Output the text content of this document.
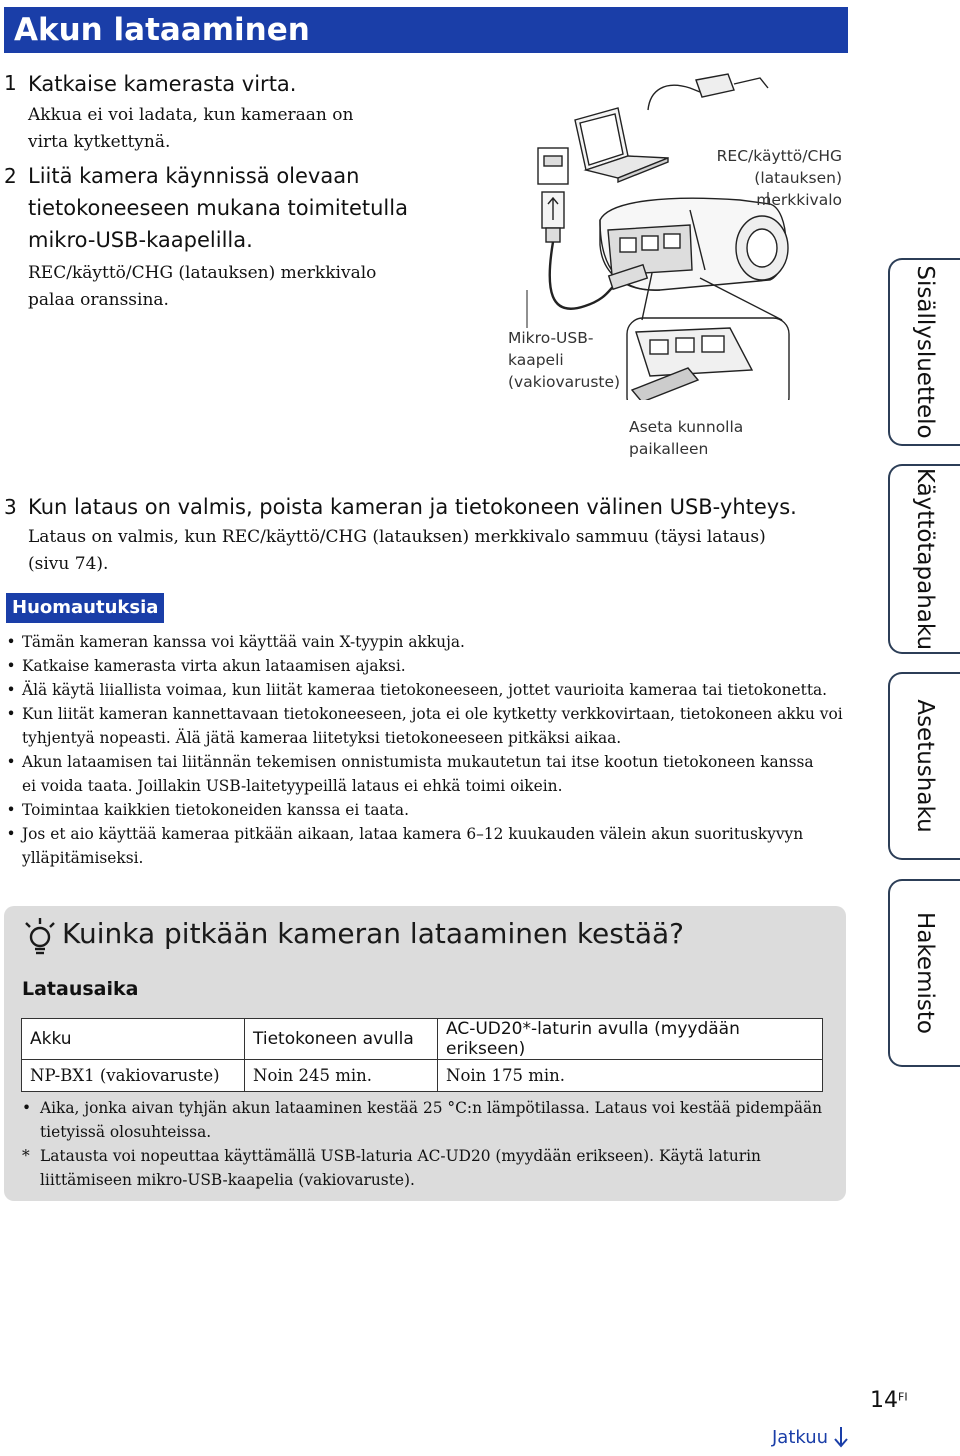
Akun lataaminen
1 Katkaise kamerasta virta.
Akkua ei voi ladata, kun kameraan on
virta kytkettynä.
2 Liitä kamera käynnissä olevaan
tietokoneeseen mukana toimitetulla
mikro-USB-kaapelilla.
REC/käyttö/CHG (latauksen) merkkivalo
palaa oranssina.
REC/käyttö/CHG
(latauksen) merkkivalo
Mikro-USB-
kaapeli
(vakiovaruste)
Aseta kunnolla
paikalleen
3 Kun lataus on valmis, poista kameran ja tietokoneen välinen USB-yhteys.
Lataus on valmis, kun REC/käyttö/CHG (latauksen) merkkivalo sammuu (täysi lataus)
(sivu 74).
Huomautuksia
• Tämän kameran kanssa voi käyttää vain X-tyypin akkuja.
• Katkaise kamerasta virta akun lataamisen ajaksi.
• Älä käytä liiallista voimaa, kun liität kameraa tietokoneeseen, jottet vaurioita kameraa tai tietokonetta.
• Kun liität kameran kannettavaan tietokoneeseen, jota ei ole kytketty verkkovirtaan, tietokoneen akku voi
tyhjentyä nopeasti. Älä jätä kameraa liitetyksi tietokoneeseen pitkäksi aikaa.
• Akun lataamisen tai liitännän tekemisen onnistumista mukautetun tai itse kootun tietokoneen kanssa
ei voida taata. Joillakin USB-laitetyypeillä lataus ei ehkä toimi oikein.
• Toimintaa kaikkien tietokoneiden kanssa ei taata.
• Jos et aio käyttää kameraa pitkään aikaan, lataa kamera 6–12 kuukauden välein akun suorituskyvyn
ylläpitämiseksi.
Kuinka pitkään kameran lataaminen kestää?
Latausaika
Akku	Tietokoneen avulla	AC-UD20*-laturin avulla (myydään erikseen)
NP-BX1 (vakiovaruste)	Noin 245 min.	Noin 175 min.
• Aika, jonka aivan tyhjän akun lataaminen kestää 25 °C:n lämpötilassa. Lataus voi kestää pidempään
tietyissä olosuhteissa.
* Latausta voi nopeuttaa käyttämällä USB-laturia AC-UD20 (myydään erikseen). Käytä laturin
liittämiseen mikro-USB-kaapelia (vakiovaruste).
Sisällysluettelo
Käyttötapahaku
Asetushaku
Hakemisto
$14^{FI}$
Jatkuu
